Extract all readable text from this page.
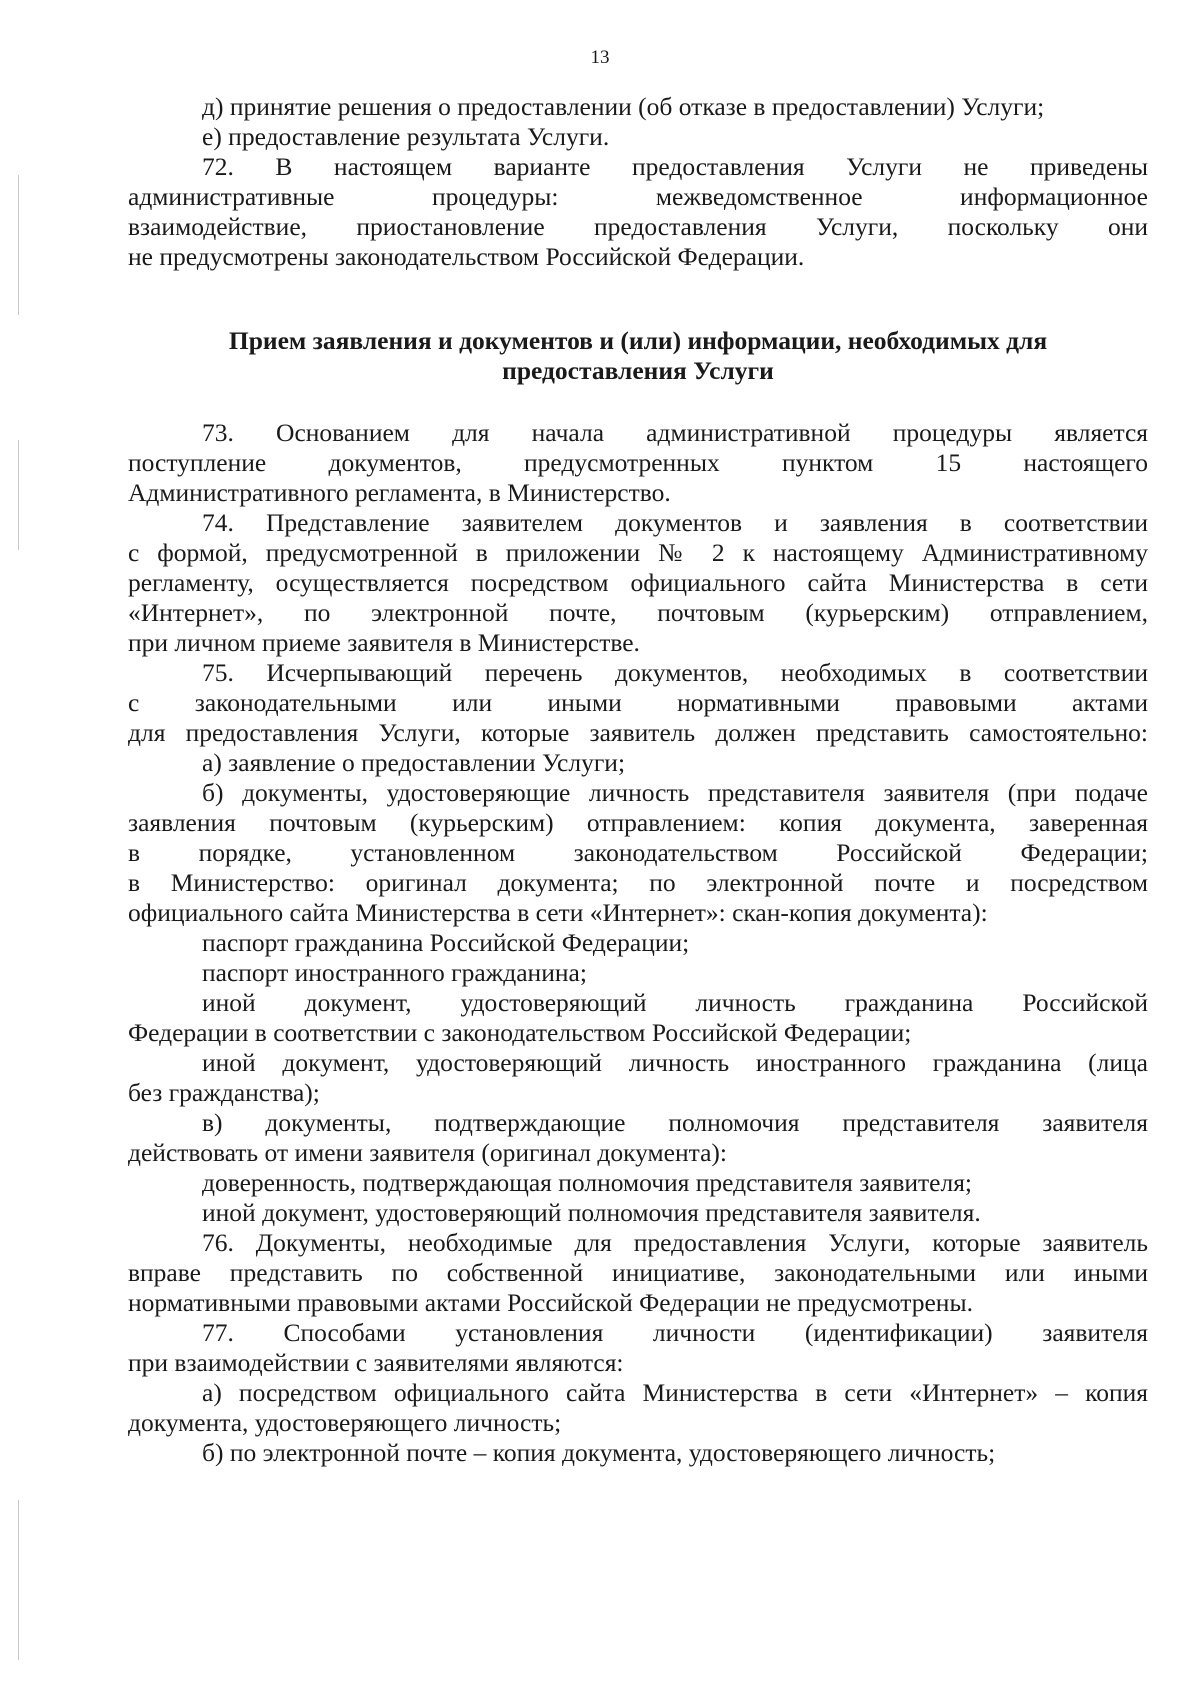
13
д) принятие решения о предоставлении (об отказе в предоставлении) Услуги;
е) предоставление результата Услуги.
72. В настоящем варианте предоставления Услуги не приведены
административные процедуры: межведомственное информационное
взаимодействие, приостановление предоставления Услуги, поскольку они
не предусмотрены законодательством Российской Федерации.
73. Основанием для начала административной процедуры является
поступление документов, предусмотренных пунктом 15 настоящего
Административного регламента, в Министерство.
74. Представление заявителем документов и заявления в соответствии
с формой, предусмотренной в приложении № 2 к настоящему Административному
регламенту, осуществляется посредством официального сайта Министерства в сети
«Интернет», по электронной почте, почтовым (курьерским) отправлением,
при личном приеме заявителя в Министерстве.
75. Исчерпывающий перечень документов, необходимых в соответствии
с законодательными или иными нормативными правовыми актами
для предоставления Услуги, которые заявитель должен представить самостоятельно:
а) заявление о предоставлении Услуги;
б) документы, удостоверяющие личность представителя заявителя (при подаче
заявления почтовым (курьерским) отправлением: копия документа, заверенная
в порядке, установленном законодательством Российской Федерации;
в Министерство: оригинал документа; по электронной почте и посредством
официального сайта Министерства в сети «Интернет»: скан-копия документа):
паспорт гражданина Российской Федерации;
паспорт иностранного гражданина;
иной документ, удостоверяющий личность гражданина Российской
Федерации в соответствии с законодательством Российской Федерации;
иной документ, удостоверяющий личность иностранного гражданина (лица
без гражданства);
в) документы, подтверждающие полномочия представителя заявителя
действовать от имени заявителя (оригинал документа):
доверенность, подтверждающая полномочия представителя заявителя;
иной документ, удостоверяющий полномочия представителя заявителя.
76. Документы, необходимые для предоставления Услуги, которые заявитель
вправе представить по собственной инициативе, законодательными или иными
нормативными правовыми актами Российской Федерации не предусмотрены.
77. Способами установления личности (идентификации) заявителя
при взаимодействии с заявителями являются:
а) посредством официального сайта Министерства в сети «Интернет» – копия
документа, удостоверяющего личность;
б) по электронной почте – копия документа, удостоверяющего личность;
Прием заявления и документов и (или) информации, необходимых для
предоставления Услуги
